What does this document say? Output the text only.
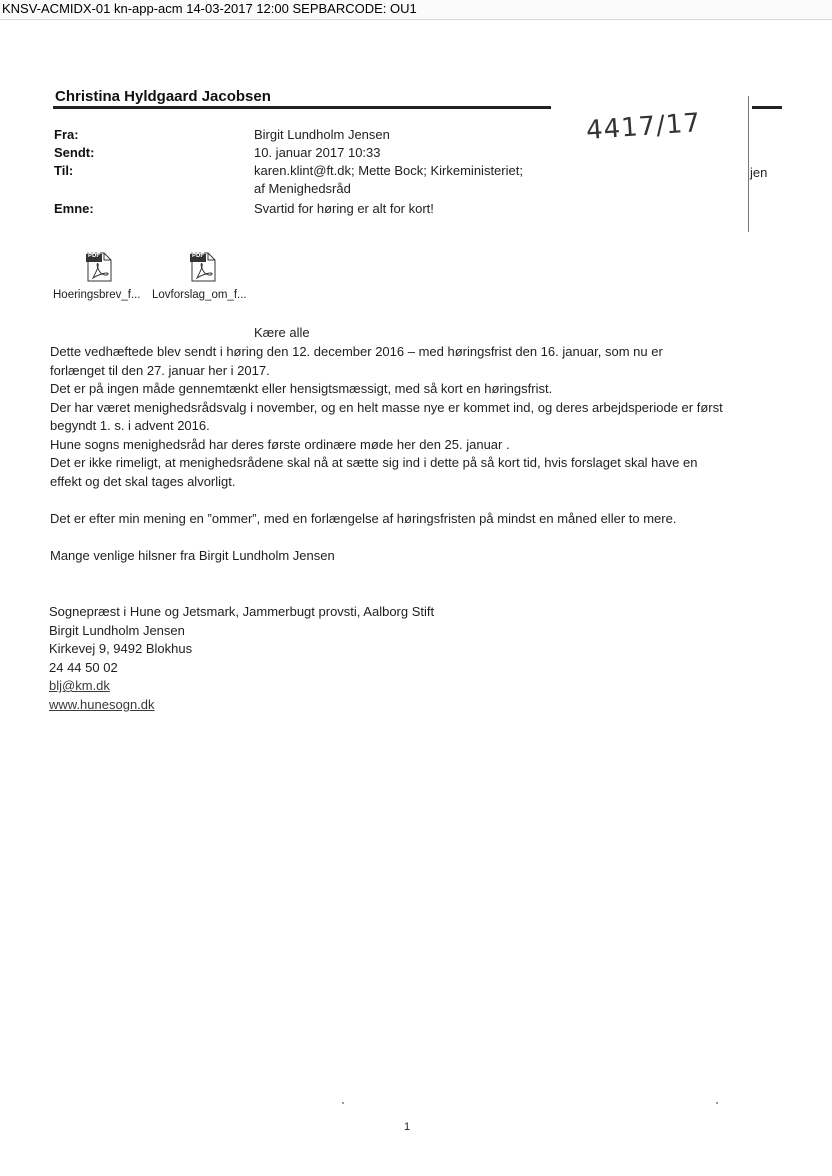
KNSV-ACMIDX-01 kn-app-acm 14-03-2017 12:00 SEPBARCODE: OU1
Christina Hyldgaard Jacobsen
jen
4417/17
Fra:	Birgit Lundholm Jensen
Sendt:	10. januar 2017 10:33
Til:	karen.klint@ft.dk; Mette Bock; Kirkeministeriet;
af Menighedsråd
Emne:	Svartid for høring er alt for kort!
PDF
Hoeringsbrev_f...
PDF
Lovforslag_om_f...
Kære alle

Dette vedhæftede blev sendt i høring den 12. december 2016 – med høringsfrist den 16. januar, som nu er

forlænget til den 27. januar her i 2017.

Det er på ingen måde gennemtænkt eller hensigtsmæssigt, med så kort en høringsfrist.

Der har været menighedsrådsvalg i november, og en helt masse nye er kommet ind, og deres arbejdsperiode er først

begyndt 1. s. i advent 2016.

Hune sogns menighedsråd har deres første ordinære møde her den 25. januar .

Det er ikke rimeligt, at menighedsrådene skal nå at sætte sig ind i dette på så kort tid, hvis forslaget skal have en

effekt og det skal tages alvorligt.

Det er efter min mening en ”ommer”, med en forlængelse af høringsfristen på mindst en måned eller to mere.

Mange venlige hilsner fra Birgit Lundholm Jensen

Sognepræst i Hune og Jetsmark, Jammerbugt provsti, Aalborg Stift
Birgit Lundholm Jensen
Kirkevej 9, 9492 Blokhus
24 44 50 02
blj@km.dk
www.hunesogn.dk
1
